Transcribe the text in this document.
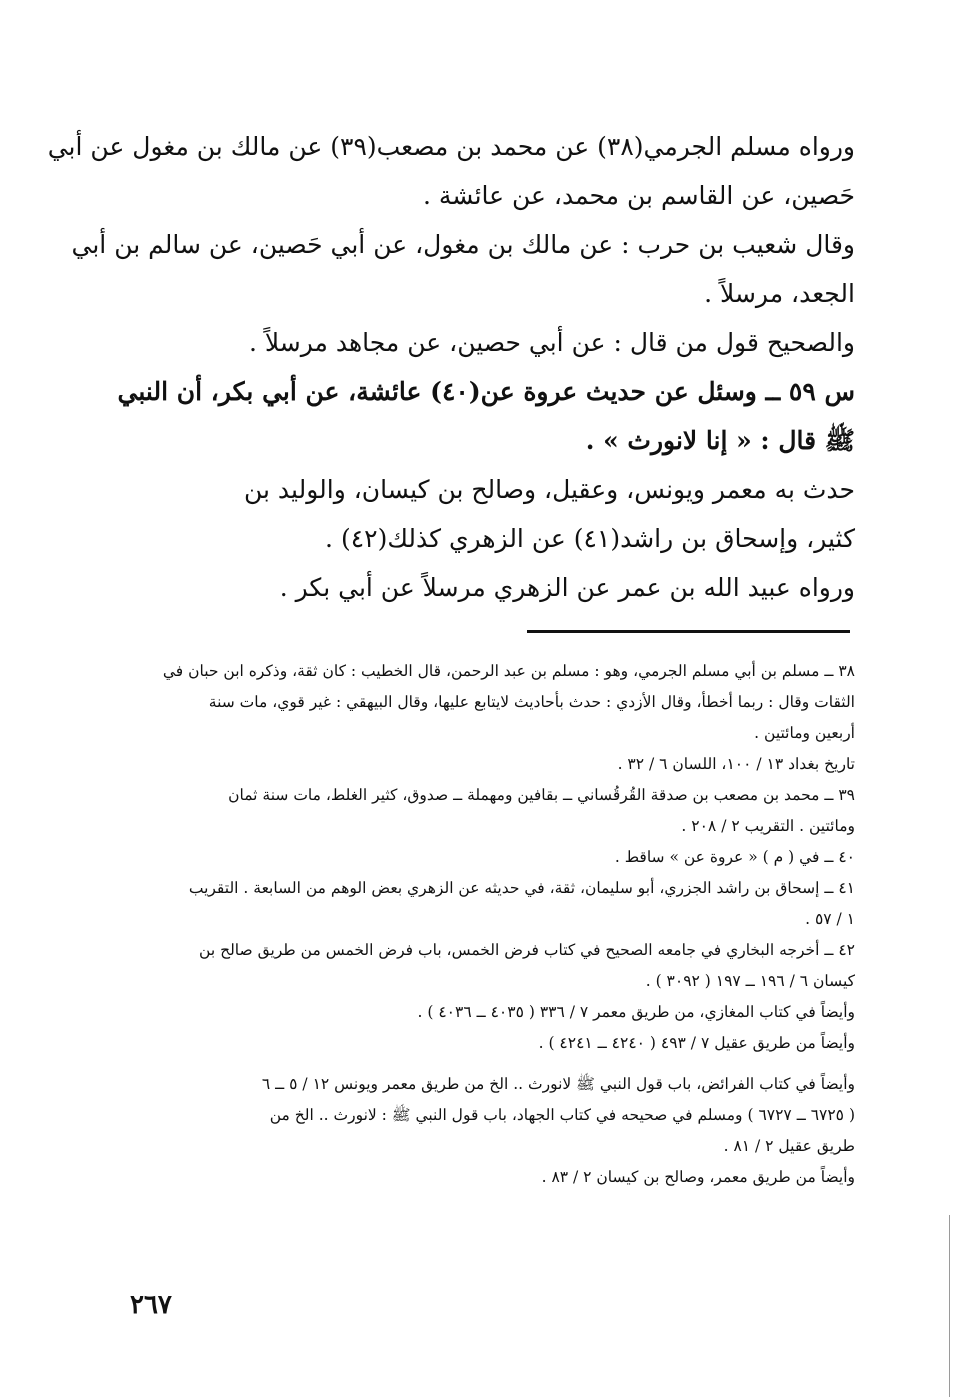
ورواه مسلم الجرمي(٣٨) عن محمد بن مصعب(٣٩) عن مالك بن مغول عن أبي
حَصين، عن القاسم بن محمد، عن عائشة .
وقال شعيب بن حرب : عن مالك بن مغول، عن أبي حَصين، عن سالم بن أبي
الجعد، مرسلاً .
والصحيح قول من قال : عن أبي حصين، عن مجاهد مرسلاً .
س ٥٩ ــ وسئل عن حديث عروة عن(٤٠) عائشة، عن أبي بكر، أن النبي
ﷺ قال : « إنا لانورث » .
حدث به معمر ويونس، وعقيل، وصالح بن كيسان، والوليد بن
كثير، وإسحاق بن راشد(٤١) عن الزهري كذلك(٤٢) .
ورواه عبيد الله بن عمر عن الزهري مرسلاً عن أبي بكر .
٣٨ ــ مسلم بن أبي مسلم الجرمي، وهو : مسلم بن عبد الرحمن، قال الخطيب : كان ثقة، وذكره ابن حبان في
الثقات وقال : ربما أخطأ، وقال الأزدي : حدث بأحاديث لايتابع عليها، وقال البيهقي : غير قوي، مات سنة
أربعين ومائتين .
تاريخ بغداد ١٣ / ١٠٠، اللسان ٦ / ٣٢ .
٣٩ ــ محمد بن مصعب بن صدقة القُرقُساني ــ بقافين ومهملة ــ صدوق، كثير الغلط، مات سنة ثمان
ومائتين . التقريب ٢ / ٢٠٨ .
٤٠ ــ في ( م ) « عروة عن » ساقط .
٤١ ــ إسحاق بن راشد الجزري، أبو سليمان، ثقة، في حديثه عن الزهري بعض الوهم من السابعة . التقريب
١ / ٥٧ .
٤٢ ــ أخرجه البخاري في جامعه الصحيح في كتاب فرض الخمس، باب فرض الخمس من طريق صالح بن
كيسان ٦ / ١٩٦ ــ ١٩٧ ( ٣٠٩٢ ) .
وأيضاً في كتاب المغازي، من طريق معمر ٧ / ٣٣٦ ( ٤٠٣٥ ــ ٤٠٣٦ ) .
وأيضاً من طريق عقيل ٧ / ٤٩٣ ( ٤٢٤٠ ــ ٤٢٤١ ) .
وأيضاً في كتاب الفرائض، باب قول النبي ﷺ لانورث .. الخ من طريق معمر ويونس ١٢ / ٥ ــ ٦
( ٦٧٢٥ ــ ٦٧٢٧ ) ومسلم في صحيحه في كتاب الجهاد، باب قول النبي ﷺ : لانورث .. الخ من
طريق عقيل ٢ / ٨١ .
وأيضاً من طريق معمر، وصالح بن كيسان ٢ / ٨٣ .
٢٦٧
